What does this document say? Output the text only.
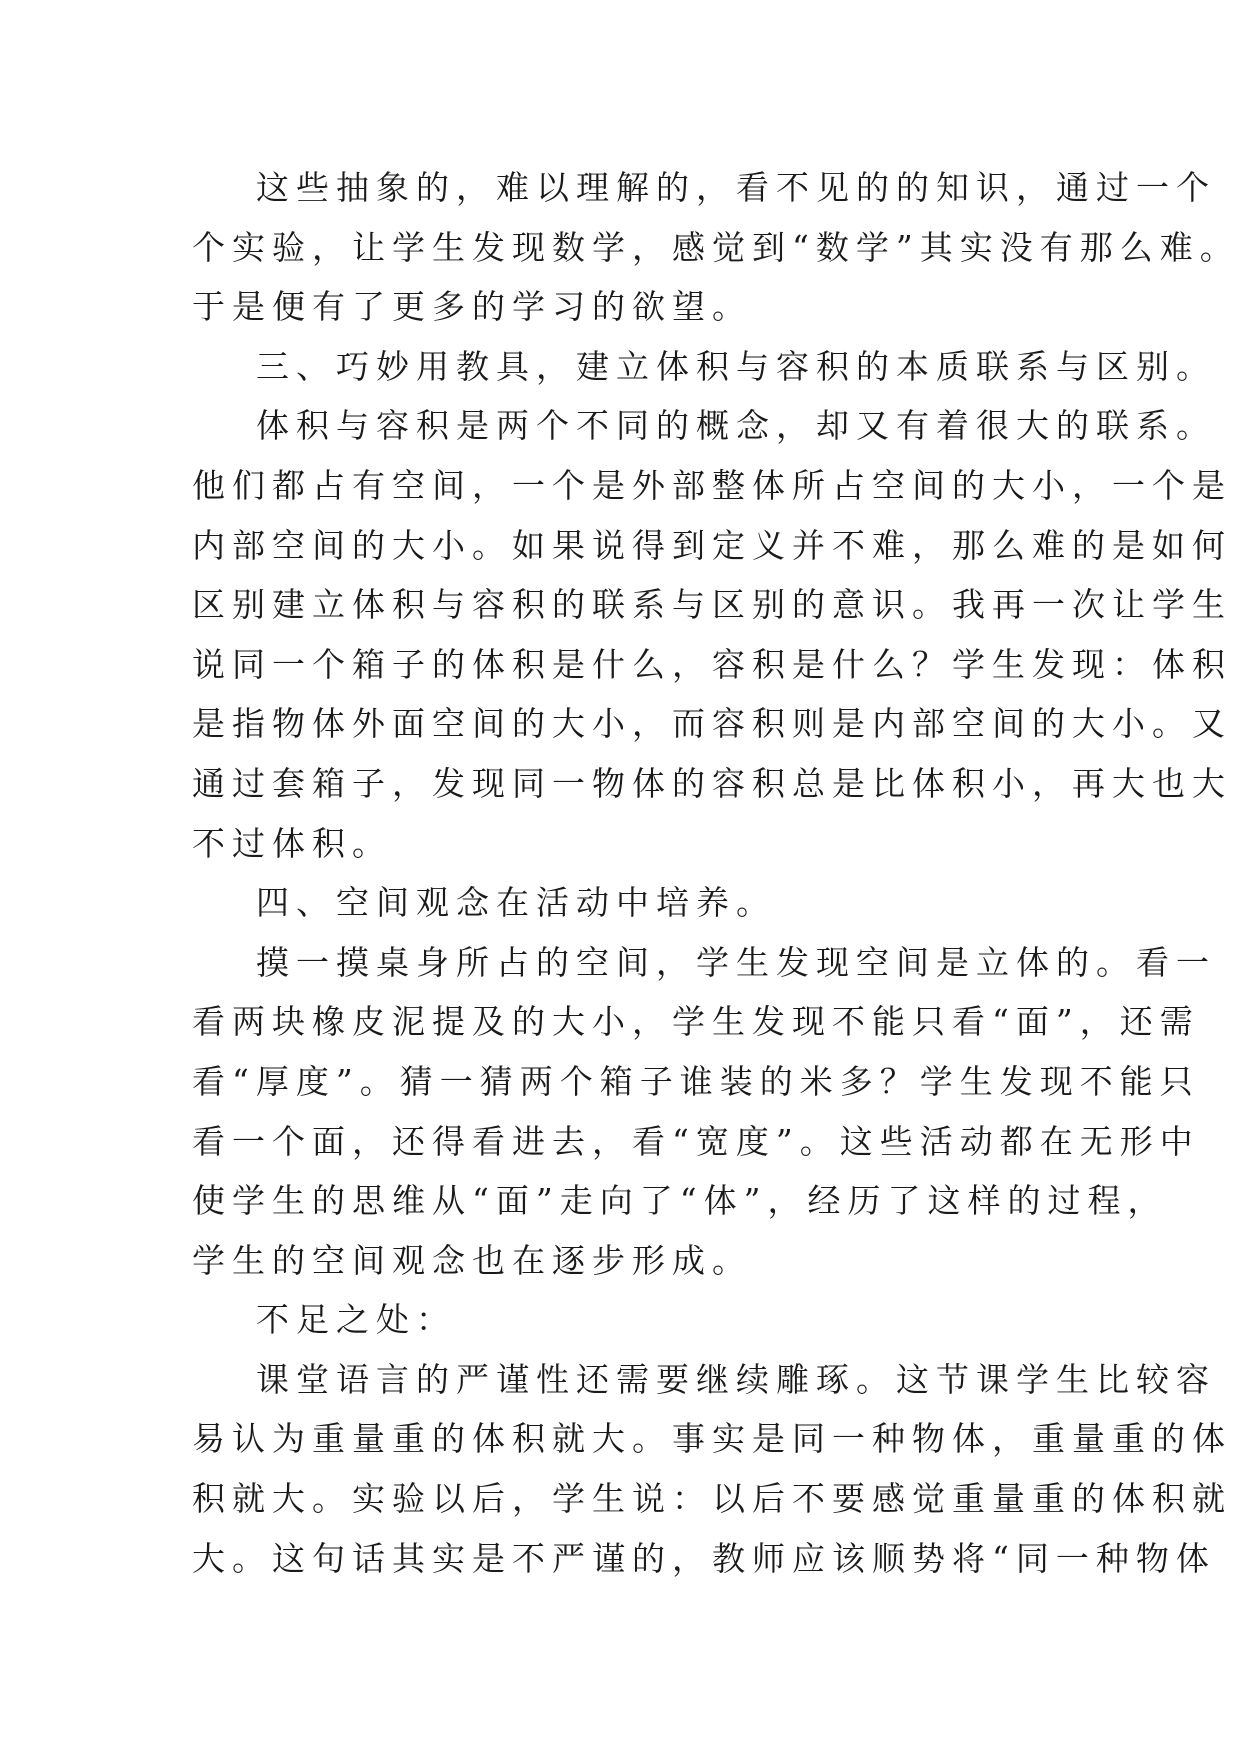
这些抽象的，难以理解的，看不见的的知识，通过一个
个实验，让学生发现数学，感觉到“数学”其实没有那么难。
于是便有了更多的学习的欲望。
三、巧妙用教具，建立体积与容积的本质联系与区别。
体积与容积是两个不同的概念，却又有着很大的联系。
他们都占有空间，一个是外部整体所占空间的大小，一个是
内部空间的大小。如果说得到定义并不难，那么难的是如何
区别建立体积与容积的联系与区别的意识。我再一次让学生
说同一个箱子的体积是什么，容积是什么？学生发现：体积
是指物体外面空间的大小，而容积则是内部空间的大小。又
通过套箱子，发现同一物体的容积总是比体积小，再大也大
不过体积。
四、空间观念在活动中培养。
摸一摸桌身所占的空间，学生发现空间是立体的。看一
看两块橡皮泥提及的大小，学生发现不能只看“面”，还需
看“厚度”。猜一猜两个箱子谁装的米多？学生发现不能只
看一个面，还得看进去，看“宽度”。这些活动都在无形中
使学生的思维从“面”走向了“体”，经历了这样的过程，
学生的空间观念也在逐步形成。
不足之处：
课堂语言的严谨性还需要继续雕琢。这节课学生比较容
易认为重量重的体积就大。事实是同一种物体，重量重的体
积就大。实验以后，学生说：以后不要感觉重量重的体积就
大。这句话其实是不严谨的，教师应该顺势将“同一种物体
